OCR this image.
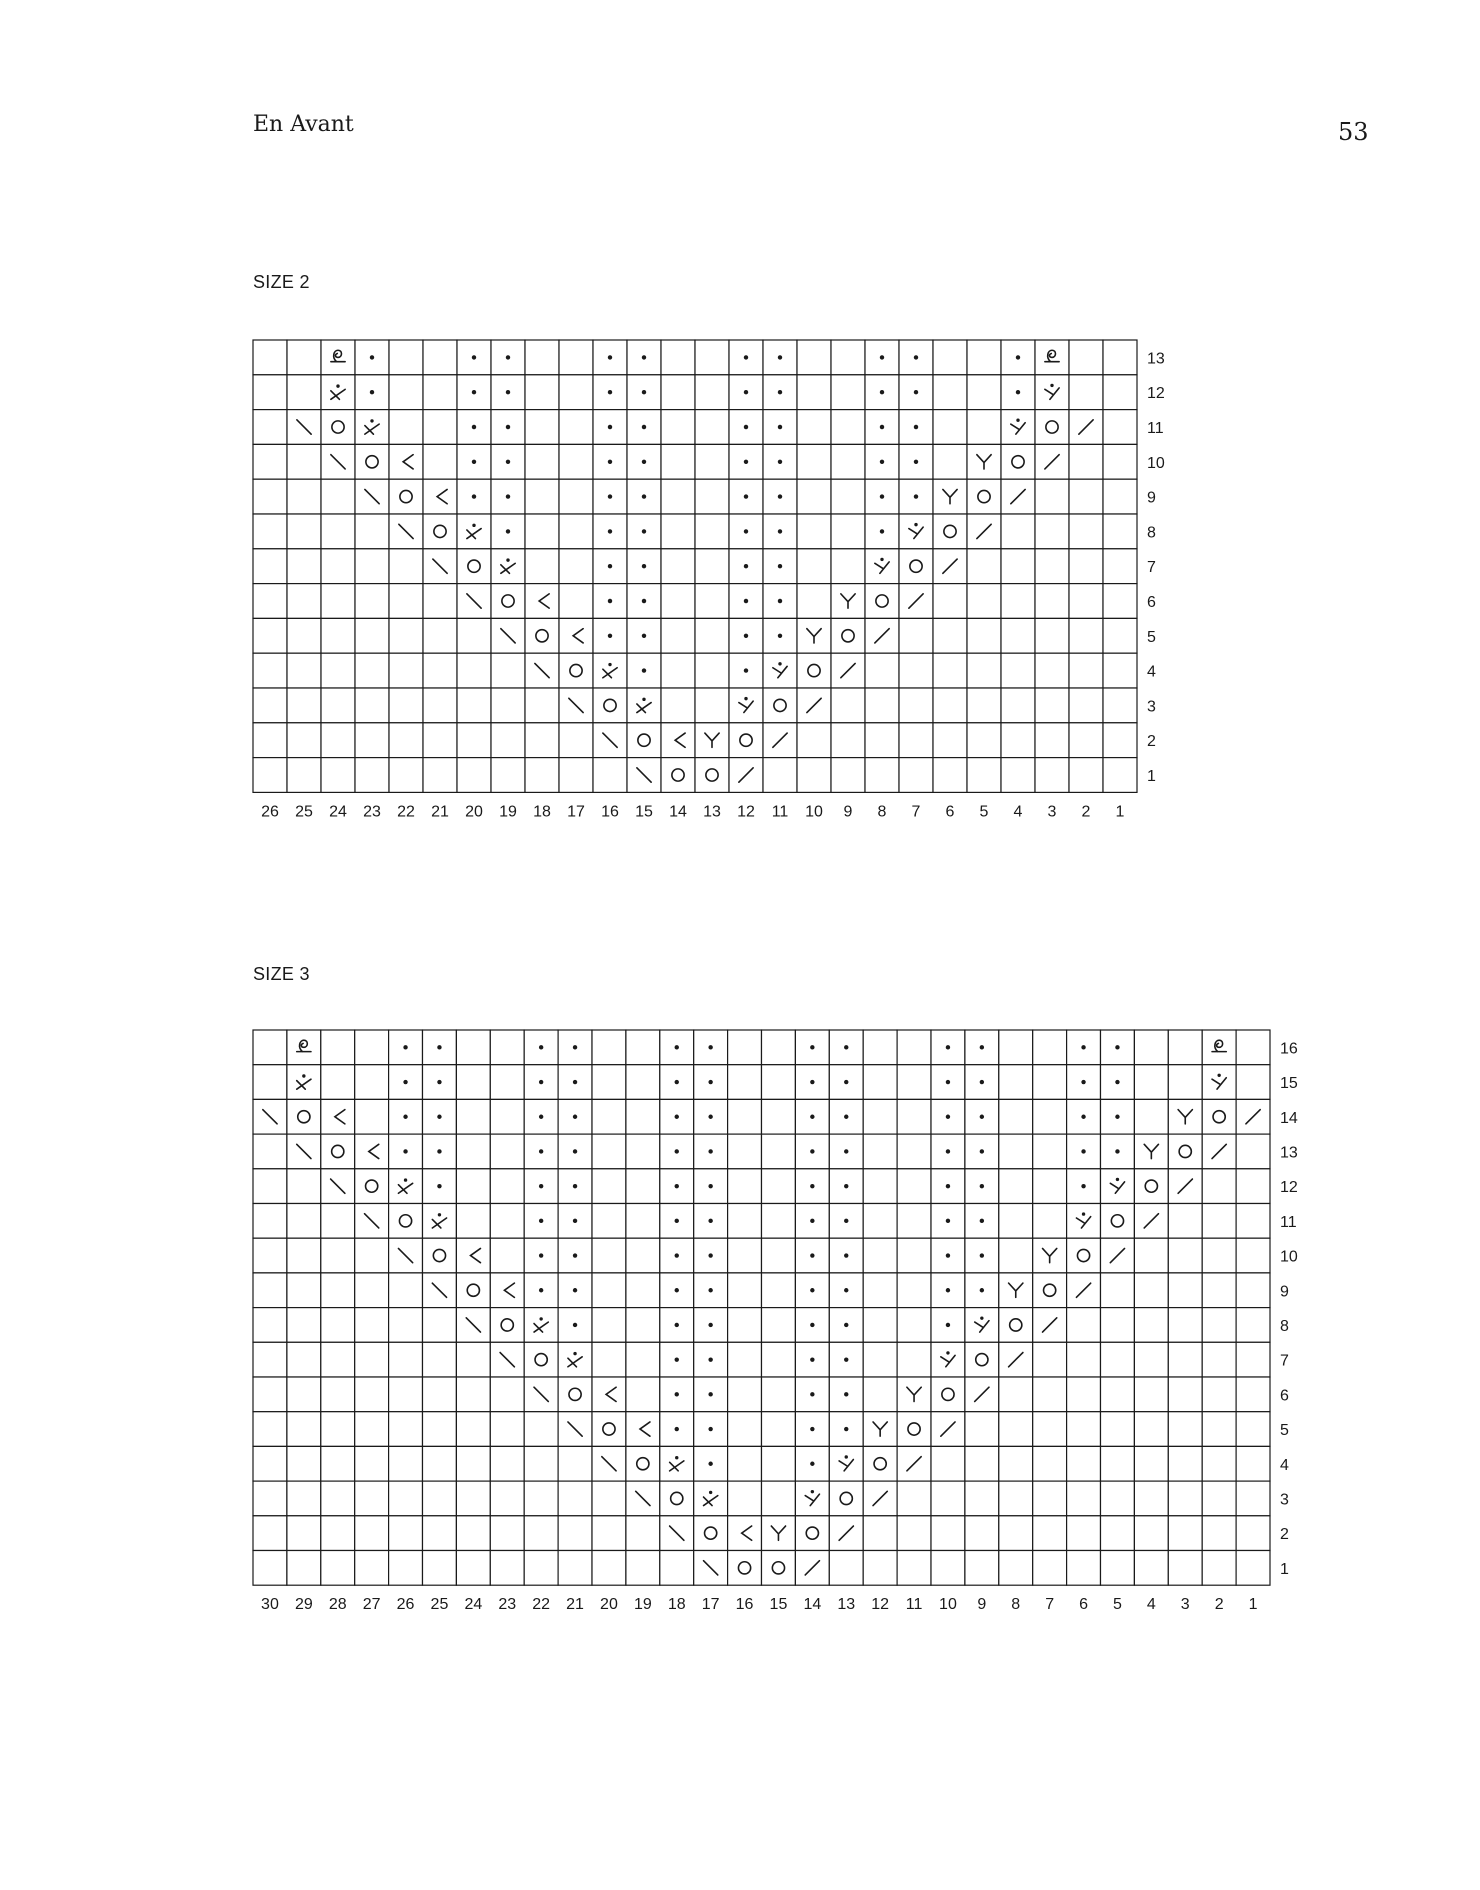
En Avant	53
SIZE 2
SIZE 3
13
12
11
10
9
8
7
6
5
4
3
2
1
26 25 24 23 22 21 20 19 18 17 16 15 14 13 12 11 10 9 8 7 6 5 4 3 2 1
16
15
14
13
12
11
10
9
8
7
6
5
4
3
2
1
30 29 28 27 26 25 24 23 22 21 20 19 18 17 16 15 14 13 12 11 10 9 8 7 6 5 4 3 2 1
